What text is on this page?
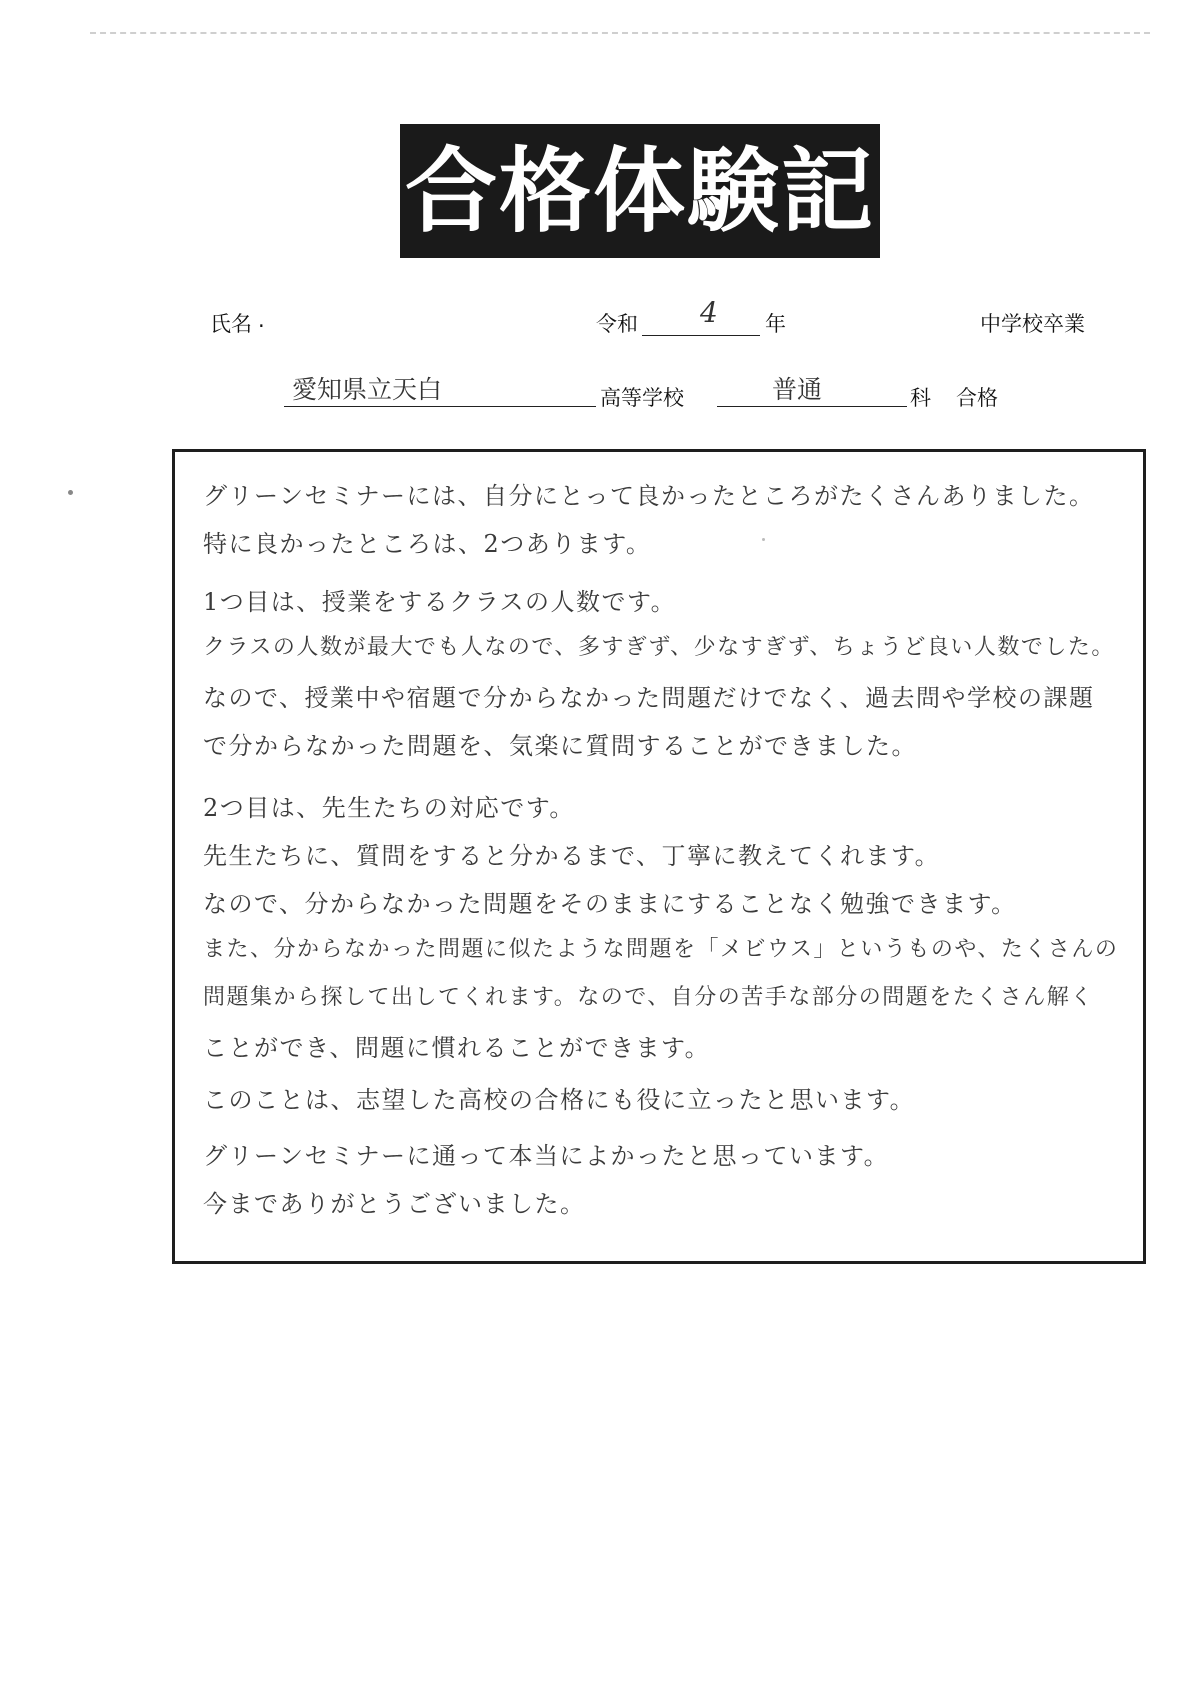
合格体験記
氏名 .	令和 4 年	中学校卒業
愛知県立天白	高等学校	普通	科 合格
グリーンセミナーには、自分にとって良かったところがたくさんありました。
特に良かったところは、2つあります。
1つ目は、授業をするクラスの人数です。
クラスの人数が最大でも人なので、多すぎず、少なすぎず、ちょうど良い人数でした。
なので、授業中や宿題で分からなかった問題だけでなく、過去問や学校の課題
で分からなかった問題を、気楽に質問することができました。
2つ目は、先生たちの対応です。
先生たちに、質問をすると分かるまで、丁寧に教えてくれます。
なので、分からなかった問題をそのままにすることなく勉強できます。
また、分からなかった問題に似たような問題を「メビウス」というものや、たくさんの
問題集から探して出してくれます。なので、自分の苦手な部分の問題をたくさん解く
ことができ、問題に慣れることができます。
このことは、志望した高校の合格にも役に立ったと思います。
グリーンセミナーに通って本当によかったと思っています。
今までありがとうございました。
